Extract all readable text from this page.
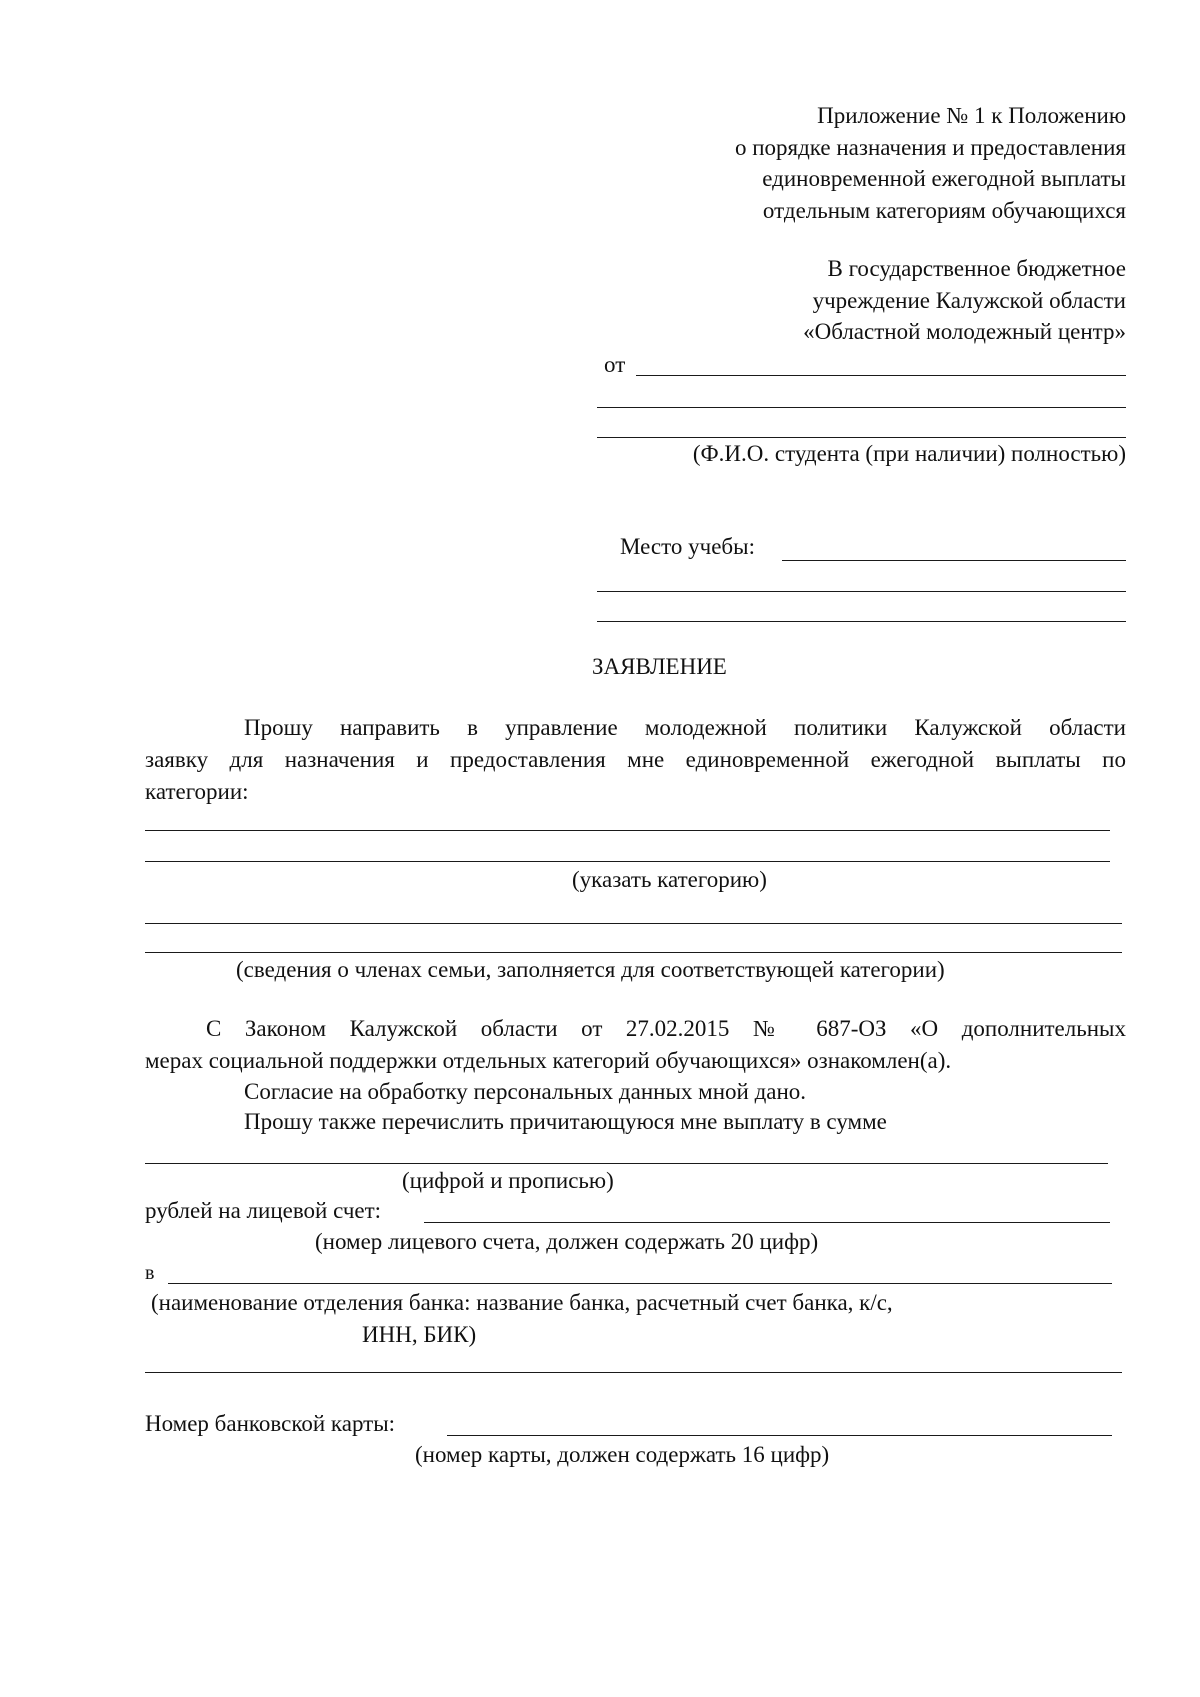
Приложение № 1 к Положению
о порядке назначения и предоставления
единовременной ежегодной выплаты
отдельным категориям обучающихся
В государственное бюджетное
учреждение Калужской области
«Областной молодежный центр»
от
(Ф.И.О. студента (при наличии) полностью)
Место учебы:
ЗАЯВЛЕНИЕ
Прошу направить в управление молодежной политики Калужской области
заявку для назначения и предоставления мне единовременной ежегодной выплаты по
категории:
(указать категорию)
(сведения о членах семьи, заполняется для соответствующей категории)
С Законом Калужской области от 27.02.2015 № 687-ОЗ «О дополнительных
мерах социальной поддержки отдельных категорий обучающихся» ознакомлен(а).
Согласие на обработку персональных данных мной дано.
Прошу также перечислить причитающуюся мне выплату в сумме
(цифрой и прописью)
рублей на лицевой счет:
(номер лицевого счета, должен содержать 20 цифр)
в
(наименование отделения банка: название банка, расчетный счет банка, к/с,
ИНН, БИК)
Номер банковской карты:
(номер карты, должен содержать 16 цифр)
